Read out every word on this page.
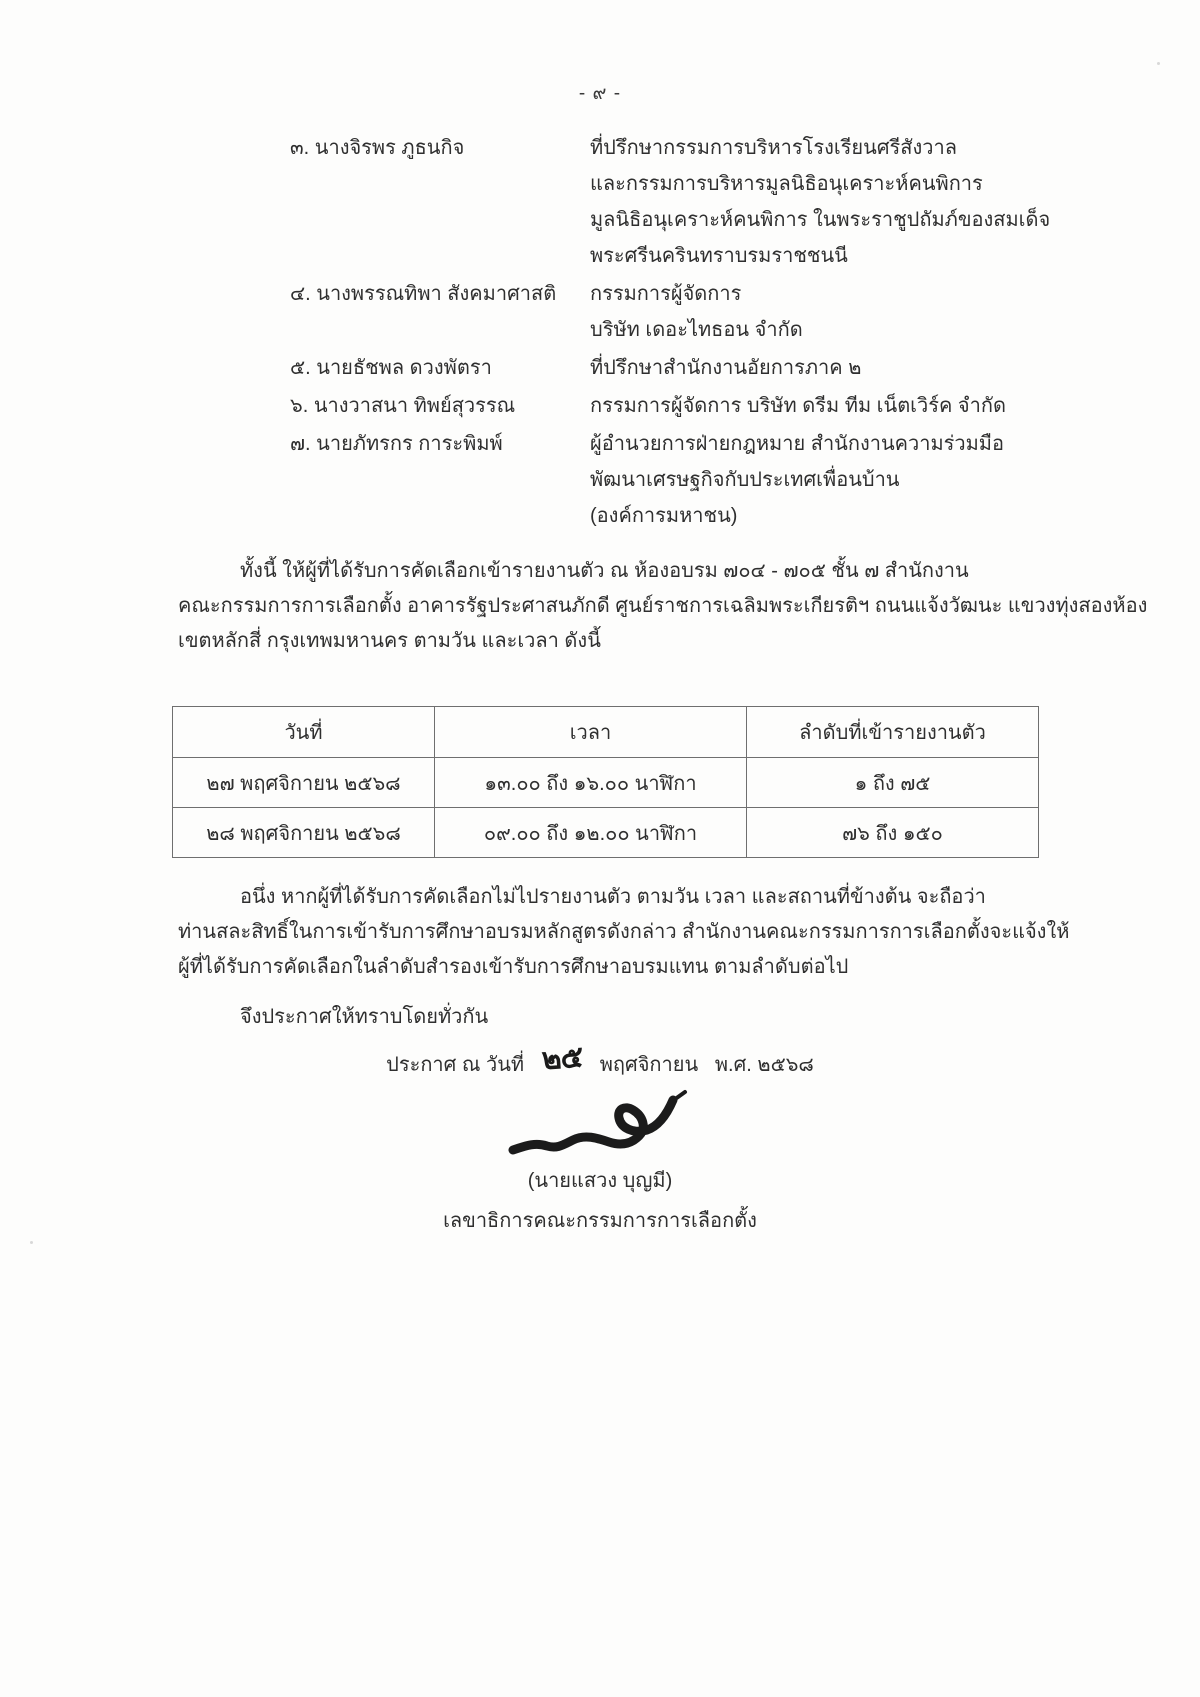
- ๙ -
๓. นางจิรพร ภูธนกิจ	ที่ปรึกษากรรมการบริหารโรงเรียนศรีสังวาล
และกรรมการบริหารมูลนิธิอนุเคราะห์คนพิการ
มูลนิธิอนุเคราะห์คนพิการ ในพระราชูปถัมภ์ของสมเด็จ
พระศรีนครินทราบรมราชชนนี
๔. นางพรรณทิพา สังคมาศาสติ	กรรมการผู้จัดการ
บริษัท เดอะไทธอน จำกัด
๕. นายธัชพล ดวงพัตรา	ที่ปรึกษาสำนักงานอัยการภาค ๒
๖. นางวาสนา ทิพย์สุวรรณ	กรรมการผู้จัดการ บริษัท ดรีม ทีม เน็ตเวิร์ค จำกัด
๗. นายภัทรกร การะพิมพ์	ผู้อำนวยการฝ่ายกฎหมาย สำนักงานความร่วมมือ
พัฒนาเศรษฐกิจกับประเทศเพื่อนบ้าน
(องค์การมหาชน)
ทั้งนี้ ให้ผู้ที่ได้รับการคัดเลือกเข้ารายงานตัว ณ ห้องอบรม ๗๐๔ - ๗๐๕ ชั้น ๗ สำนักงาน
คณะกรรมการการเลือกตั้ง อาคารรัฐประศาสนภักดี ศูนย์ราชการเฉลิมพระเกียรติฯ ถนนแจ้งวัฒนะ แขวงทุ่งสองห้อง
เขตหลักสี่ กรุงเทพมหานคร ตามวัน และเวลา ดังนี้
วันที่	เวลา	ลำดับที่เข้ารายงานตัว
๒๗ พฤศจิกายน ๒๕๖๘	๑๓.๐๐ ถึง ๑๖.๐๐ นาฬิกา	๑ ถึง ๗๕
๒๘ พฤศจิกายน ๒๕๖๘	๐๙.๐๐ ถึง ๑๒.๐๐ นาฬิกา	๗๖ ถึง ๑๕๐
อนึ่ง หากผู้ที่ได้รับการคัดเลือกไม่ไปรายงานตัว ตามวัน เวลา และสถานที่ข้างต้น จะถือว่า
ท่านสละสิทธิ์ในการเข้ารับการศึกษาอบรมหลักสูตรดังกล่าว สำนักงานคณะกรรมการการเลือกตั้งจะแจ้งให้
ผู้ที่ได้รับการคัดเลือกในลำดับสำรองเข้ารับการศึกษาอบรมแทน ตามลำดับต่อไป
จึงประกาศให้ทราบโดยทั่วกัน
ประกาศ ณ วันที่ ๒๕ พฤศจิกายน พ.ศ. ๒๕๖๘
(นายแสวง บุญมี)
เลขาธิการคณะกรรมการการเลือกตั้ง
